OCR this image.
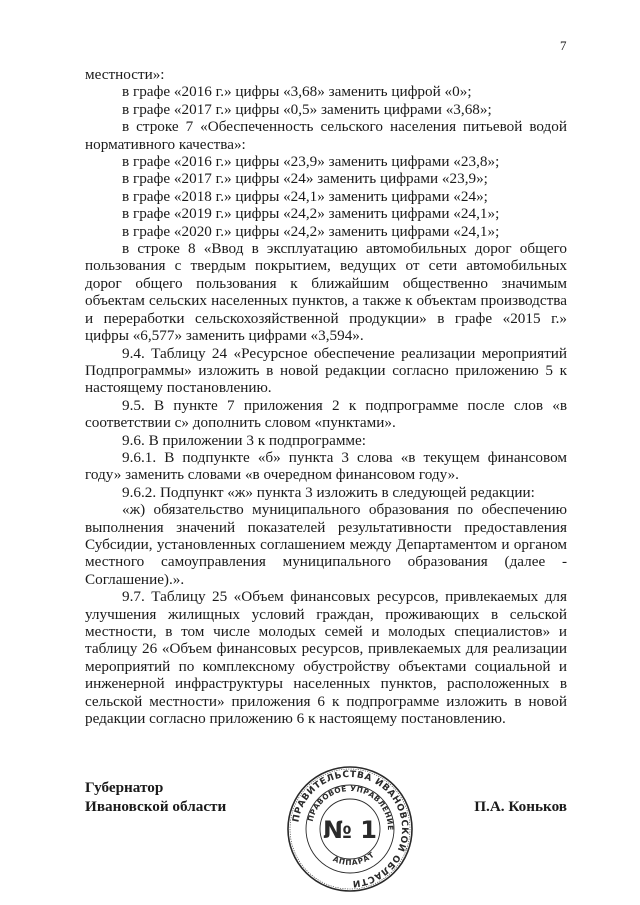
7

местности»:

в графе «2016 г.» цифры «3,68» заменить цифрой «0»;

в графе «2017 г.» цифры «0,5» заменить цифрами «3,68»;

в строке 7 «Обеспеченность сельского населения питьевой водой нормативного качества»:

в графе «2016 г.» цифры «23,9» заменить цифрами «23,8»;

в графе «2017 г.» цифры «24» заменить цифрами «23,9»;

в графе «2018 г.» цифры «24,1» заменить цифрами «24»;

в графе «2019 г.» цифры «24,2» заменить цифрами «24,1»;

в графе «2020 г.» цифры «24,2» заменить цифрами «24,1»;

в строке 8 «Ввод в эксплуатацию автомобильных дорог общего пользования с твердым покрытием, ведущих от сети автомобильных дорог общего пользования к ближайшим общественно значимым объектам сельских населенных пунктов, а также к объектам производства и переработки сельскохозяйственной продукции» в графе «2015 г.» цифры «6,577» заменить цифрами «3,594».

9.4. Таблицу 24 «Ресурсное обеспечение реализации мероприятий Подпрограммы» изложить в новой редакции согласно приложению 5 к настоящему постановлению.

9.5. В пункте 7 приложения 2 к подпрограмме после слов «в соответствии с» дополнить словом «пунктами».

9.6. В приложении 3 к подпрограмме:

9.6.1. В подпункте «б» пункта 3 слова «в текущем финансовом году» заменить словами «в очередном финансовом году».

9.6.2. Подпункт «ж» пункта 3 изложить в следующей редакции:

«ж) обязательство муниципального образования по обеспечению выполнения значений показателей результативности предоставления Субсидии, установленных соглашением между Департаментом и органом местного самоуправления муниципального образования (далее - Соглашение).».

9.7. Таблицу 25 «Объем финансовых ресурсов, привлекаемых для улучшения жилищных условий граждан, проживающих в сельской местности, в том числе молодых семей и молодых специалистов» и таблицу 26 «Объем финансовых ресурсов, привлекаемых для реализации мероприятий по комплексному обустройству объектами социальной и инженерной инфраструктуры населенных пунктов, расположенных в сельской местности» приложения 6 к подпрограмме изложить в новой редакции согласно приложению 6 к настоящему постановлению.

Губернатор
Ивановской области
ПРАВИТЕЛЬСТВА ИВАНОВСКОЙ ОБЛАСТИ
ПРАВОВОЕ УПРАВЛЕНИЕ
АППАРАТ
№ 1
П.А. Коньков
